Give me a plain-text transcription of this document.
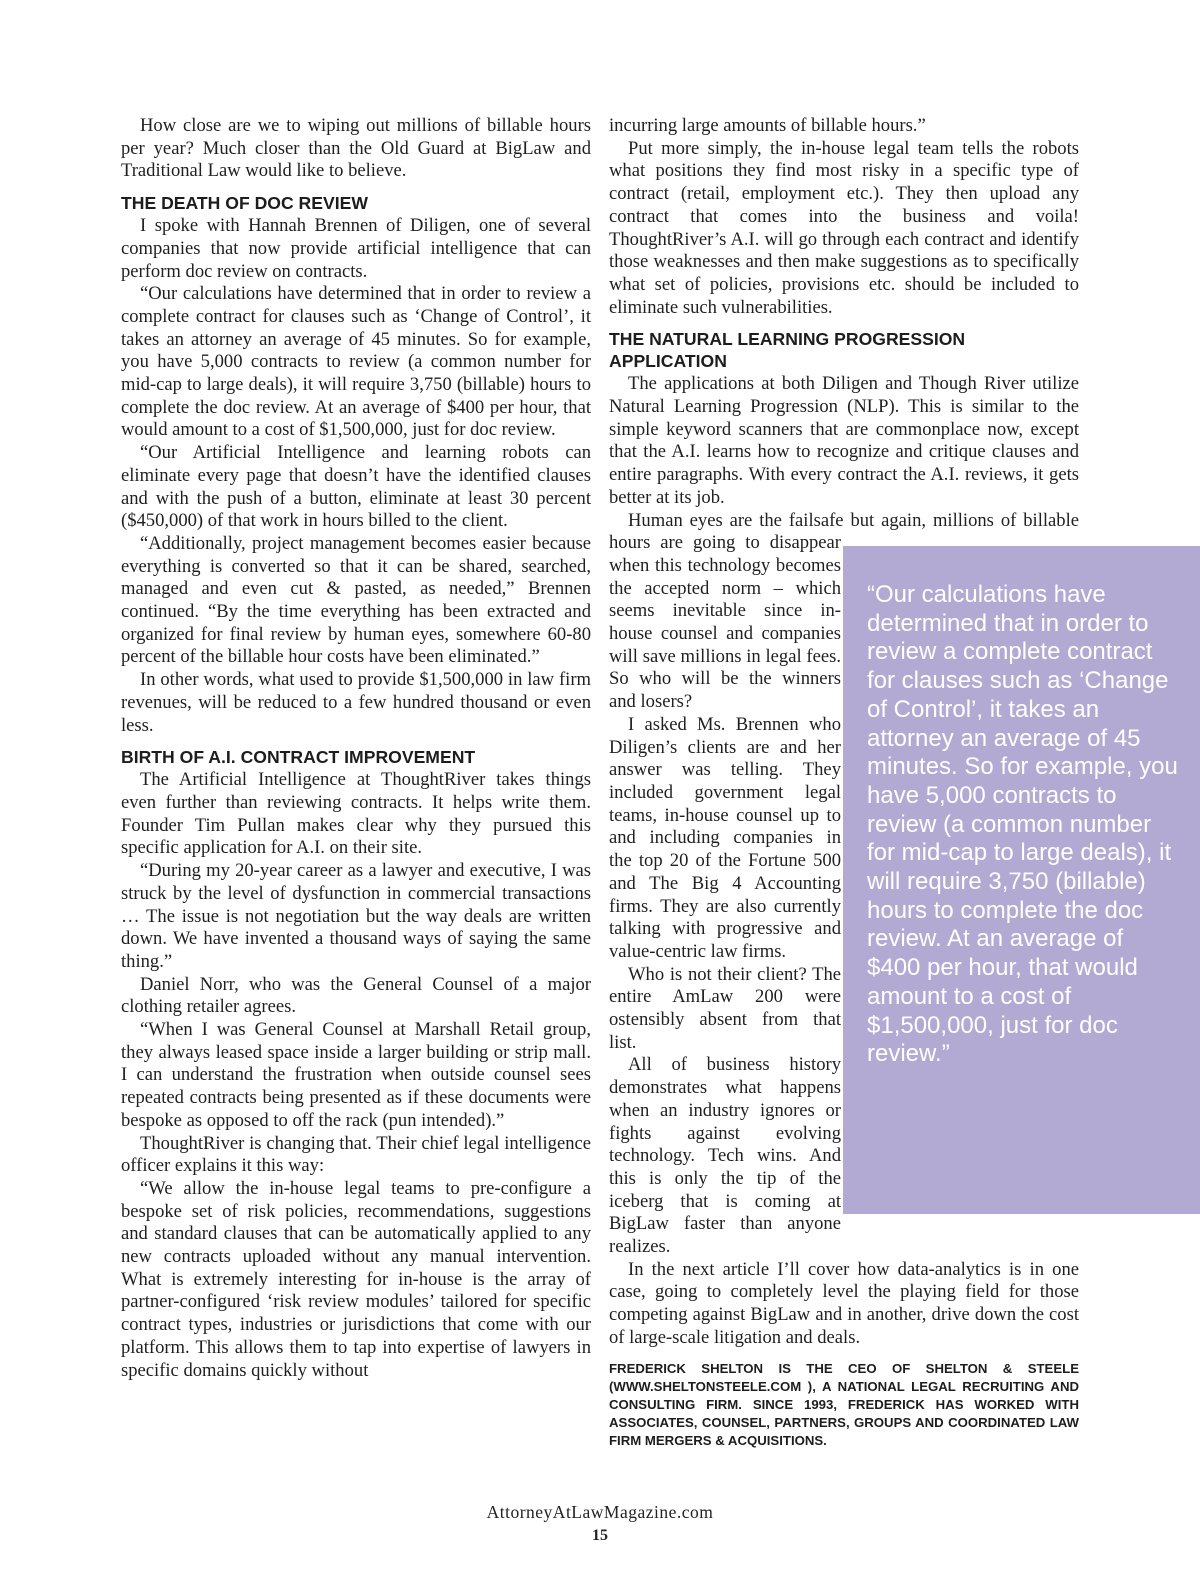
How close are we to wiping out millions of billable hours per year? Much closer than the Old Guard at BigLaw and Traditional Law would like to believe.

THE DEATH OF DOC REVIEW

I spoke with Hannah Brennen of Diligen, one of several companies that now provide artificial intelligence that can perform doc review on contracts.

“Our calculations have determined that in order to review a complete contract for clauses such as ‘Change of Control’, it takes an attorney an average of 45 minutes. So for example, you have 5,000 contracts to review (a common number for mid-cap to large deals), it will require 3,750 (billable) hours to complete the doc review. At an average of $400 per hour, that would amount to a cost of $1,500,000, just for doc review.

“Our Artificial Intelligence and learning robots can eliminate every page that doesn’t have the identified clauses and with the push of a button, eliminate at least 30 percent ($450,000) of that work in hours billed to the client.

“Additionally, project management becomes easier because everything is converted so that it can be shared, searched, managed and even cut & pasted, as needed,” Brennen continued. “By the time everything has been extracted and organized for final review by human eyes, somewhere 60-80 percent of the billable hour costs have been eliminated.”

In other words, what used to provide $1,500,000 in law firm revenues, will be reduced to a few hundred thousand or even less.

BIRTH OF A.I. CONTRACT IMPROVEMENT

The Artificial Intelligence at ThoughtRiver takes things even further than reviewing contracts. It helps write them. Founder Tim Pullan makes clear why they pursued this specific application for A.I. on their site.

“During my 20-year career as a lawyer and executive, I was struck by the level of dysfunction in commercial transactions … The issue is not negotiation but the way deals are written down. We have invented a thousand ways of saying the same thing.”

Daniel Norr, who was the General Counsel of a major clothing retailer agrees.

“When I was General Counsel at Marshall Retail group, they always leased space inside a larger building or strip mall. I can understand the frustration when outside counsel sees repeated contracts being presented as if these documents were bespoke as opposed to off the rack (pun intended).”

ThoughtRiver is changing that. Their chief legal intelligence officer explains it this way:

“We allow the in-house legal teams to pre-configure a bespoke set of risk policies, recommendations, suggestions and standard clauses that can be automatically applied to any new contracts uploaded without any manual intervention. What is extremely interesting for in-house is the array of partner-configured ‘risk review modules’ tailored for specific contract types, industries or jurisdictions that come with our platform. This allows them to tap into expertise of lawyers in specific domains quickly without

incurring large amounts of billable hours.”

Put more simply, the in-house legal team tells the robots what positions they find most risky in a specific type of contract (retail, employment etc.). They then upload any contract that comes into the business and voila! ThoughtRiver’s A.I. will go through each contract and identify those weaknesses and then make suggestions as to specifically what set of policies, provisions etc. should be included to eliminate such vulnerabilities.

THE NATURAL LEARNING PROGRESSION APPLICATION

The applications at both Diligen and Though River utilize Natural Learning Progression (NLP). This is similar to the simple keyword scanners that are commonplace now, except that the A.I. learns how to recognize and critique clauses and entire paragraphs. With every contract the A.I. reviews, it gets better at its job.

Human eyes are the failsafe but again, millions of billable hours are going to disappear when this technology becomes the accepted norm – which seems inevitable since in-house counsel and companies will save millions in legal fees. So who will be the winners and losers?

I asked Ms. Brennen who Diligen’s clients are and her answer was telling. They included government legal teams, in-house counsel up to and including companies in the top 20 of the Fortune 500 and The Big 4 Accounting firms. They are also currently talking with progressive and value-centric law firms.

Who is not their client? The entire AmLaw 200 were ostensibly absent from that list.

All of business history demonstrates what happens when an industry ignores or fights against evolving technology. Tech wins. And this is only the tip of the iceberg that is coming at BigLaw faster than anyone realizes.

In the next article I’ll cover how data-analytics is in one case, going to completely level the playing field for those competing against BigLaw and in another, drive down the cost of large-scale litigation and deals.

FREDERICK SHELTON IS THE CEO OF SHELTON & STEELE (WWW.SHELTONSTEELE.COM ), A NATIONAL LEGAL RECRUITING AND CONSULTING FIRM. SINCE 1993, FREDERICK HAS WORKED WITH ASSOCIATES, COUNSEL, PARTNERS, GROUPS AND COORDINATED LAW FIRM MERGERS & ACQUISITIONS.
“Our calculations have determined that in order to review a complete contract for clauses such as ‘Change of Control’, it takes an attorney an average of 45 minutes. So for example, you have 5,000 contracts to review (a common number for mid-cap to large deals), it will require 3,750 (billable) hours to complete the doc review. At an average of $400 per hour, that would amount to a cost of $1,500,000, just for doc review.”
AttorneyAtLawMagazine.com
15
